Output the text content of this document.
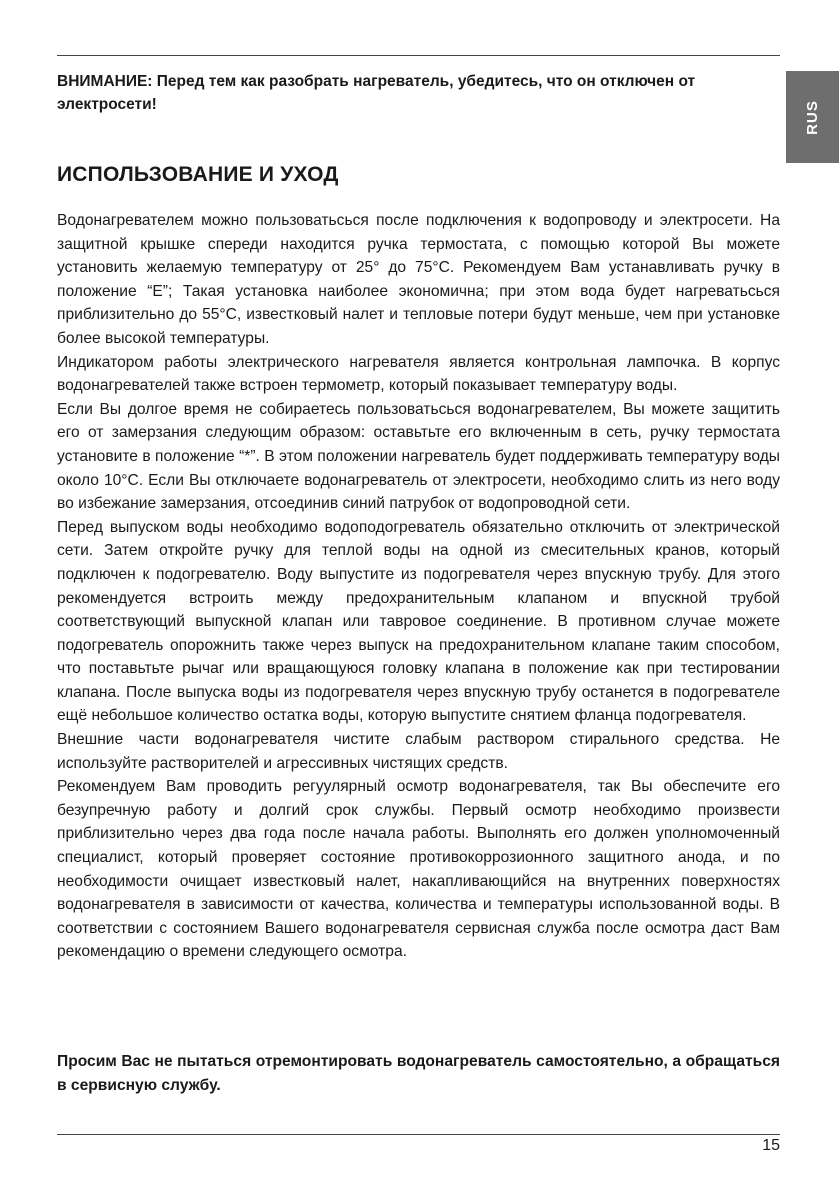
RUS

ВНИМАНИЕ: Перед тем как разобрать нагреватель, убедитесь, что он отключен от электросети!

ИСПОЛЬЗОВАНИЕ И УХОД

Водонагревателем можно пользоватьсься после подключения к водопроводу и электросети. На защитной крышке спереди находится ручка термостата, с помощью которой Вы можете установить желаемую температуру от 25° до 75°С. Рекомендуем Вам устанавливать ручку в положение “E”; Такая установка наиболее экономична; при этом вода будет нагреватьсься приблизительно до 55°С, известковый налет и тепловые потери будут меньше, чем при установке более высокой температуры.

Индикатором работы электрического нагревателя является контрольная лампочка. В корпус водонагревателей также встроен термометр, который показывает температуру воды.

Если Вы долгое время не собираетесь пользоватьсься водонагревателем, Вы можете защитить его от замерзания следующим образом: оставьтьте его включенным в сеть, ручку термостата установите в положение “*”. В этом положении нагреватель будет поддерживать температуру воды около 10°С. Если Вы отключаете водонагреватель от электросети, необходимо слить из него воду во избежание замерзания, отсоединив синий патрубок от водопроводной сети.

Перед выпуском воды необходимо водоподогреватель обязательно отключить от электрической сети. Затем откройте ручку для теплой воды на одной из смесительных кранов, который подключен к подогревателю. Воду выпустите из подогревателя через впускную трубу. Для этого рекомендуется встроить между предохранительным клапаном и впускной трубой соответствующий выпускной клапан или тавровое соединение. В противном случае можете подогреватель опорожнить также через выпуск на предохранительном клапане таким способом, что поставьтьте рычаг или вращающуюся головку клапана в положение как при тестировании клапана. После выпуска воды из подогревателя через впускную трубу останется в подогревателе ещё небольшое количество остатка воды, которую выпустите снятием фланца подогревателя.

Внешние части водонагревателя чистите слабым раствором стирального средства. Не используйте растворителей и агрессивных чистящих средств.

Рекомендуем Вам проводить регуулярный осмотр водонагревателя, так Вы обеспечите его безупречную работу и долгий срок службы. Первый осмотр необходимо произвести приблизительно через два года после начала работы. Выполнять его должен уполномоченный специалист, который проверяет состояние противокоррозионного защитного анода, и по необходимости очищает известковый налет, накапливающийся на внутренних поверхностях водонагревателя в зависимости от качества, количества и температуры использованной воды. В соответствии с состоянием Вашего водонагревателя сервисная служба после осмотра даст Вам рекомендацию о времени следующего осмотра.

Просим Вас не пытаться отремонтировать водонагреватель самостоятельно, а обращаться в сервисную службу.

15
